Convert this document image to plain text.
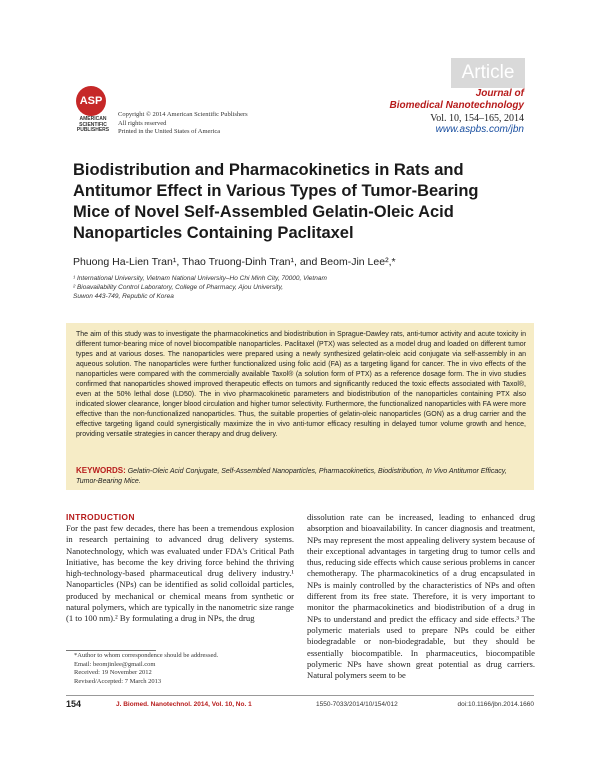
Article
Journal of
Biomedical Nanotechnology
Vol. 10, 154–165, 2014
www.aspbs.com/jbn
ASP
AMERICAN
SCIENTIFIC
PUBLISHERS
Copyright © 2014 American Scientific Publishers
All rights reserved
Printed in the United States of America
Biodistribution and Pharmacokinetics in Rats and Antitumor Effect in Various Types of Tumor-Bearing Mice of Novel Self-Assembled Gelatin-Oleic Acid Nanoparticles Containing Paclitaxel
Phuong Ha-Lien Tran¹, Thao Truong-Dinh Tran¹, and Beom-Jin Lee²,*
¹ International University, Vietnam National University–Ho Chi Minh City, 70000, Vietnam
² Bioavailability Control Laboratory, College of Pharmacy, Ajou University,
Suwon 443-749, Republic of Korea
The aim of this study was to investigate the pharmacokinetics and biodistribution in Sprague-Dawley rats, anti-tumor activity and acute toxicity in different tumor-bearing mice of novel biocompatible nanoparticles. Paclitaxel (PTX) was selected as a model drug and loaded on different tumor types and at various doses. The nanoparticles were prepared using a newly synthesized gelatin-oleic acid conjugate via self-assembly in an aqueous solution. The nanoparticles were further functionalized using folic acid (FA) as a targeting ligand for cancer. The in vivo effects of the nanoparticles were compared with the commercially available Taxol® (a solution form of PTX) as a reference dosage form. The in vivo studies confirmed that nanoparticles showed improved therapeutic effects on tumors and significantly reduced the toxic effects associated with Taxol®, even at the 50% lethal dose (LD50). The in vivo pharmacokinetic parameters and biodistribution of the nanoparticles containing PTX also indicated slower clearance, longer blood circulation and higher tumor selectivity. Furthermore, the functionalized nanoparticles with FA were more effective than the non-functionalized nanoparticles. Thus, the suitable properties of gelatin-oleic nanoparticles (GON) as a drug carrier and the effective targeting ligand could synergistically maximize the in vivo anti-tumor efficacy resulting in delayed tumor volume growth and hence, providing versatile strategies in cancer therapy and drug delivery.
KEYWORDS: Gelatin-Oleic Acid Conjugate, Self-Assembled Nanoparticles, Pharmacokinetics, Biodistribution, In Vivo Antitumor Efficacy, Tumor-Bearing Mice.
INTRODUCTION
For the past few decades, there has been a tremendous explosion in research pertaining to advanced drug delivery systems. Nanotechnology, which was evaluated under FDA's Critical Path Initiative, has become the key driving force behind the thriving high-technology-based pharmaceutical drug delivery industry.¹ Nanoparticles (NPs) can be identified as solid colloidal particles, produced by mechanical or chemical means from synthetic or natural polymers, which are typically in the nanometric size range (1 to 100 nm).² By formulating a drug in NPs, the drug
dissolution rate can be increased, leading to enhanced drug absorption and bioavailability. In cancer diagnosis and treatment, NPs may represent the most appealing delivery system because of their exceptional advantages in targeting drug to tumor cells and thus, reducing side effects which cause serious problems in cancer chemotherapy. The pharmacokinetics of a drug encapsulated in NPs is mainly controlled by the characteristics of NPs and often different from its free state. Therefore, it is very important to monitor the pharmacokinetics and biodistribution of a drug in NPs to understand and predict the efficacy and side effects.³ The polymeric materials used to prepare NPs could be either biodegradable or non-biodegradable, but they should be essentially biocompatible. In pharmaceutics, biocompatible polymeric NPs have shown great potential as drug carriers. Natural polymers seem to be
*Author to whom correspondence should be addressed.
Email: beomjinlee@gmail.com
Received: 19 November 2012
Revised/Accepted: 7 March 2013
154	J. Biomed. Nanotechnol. 2014, Vol. 10, No. 1	1550-7033/2014/10/154/012	doi:10.1166/jbn.2014.1660
